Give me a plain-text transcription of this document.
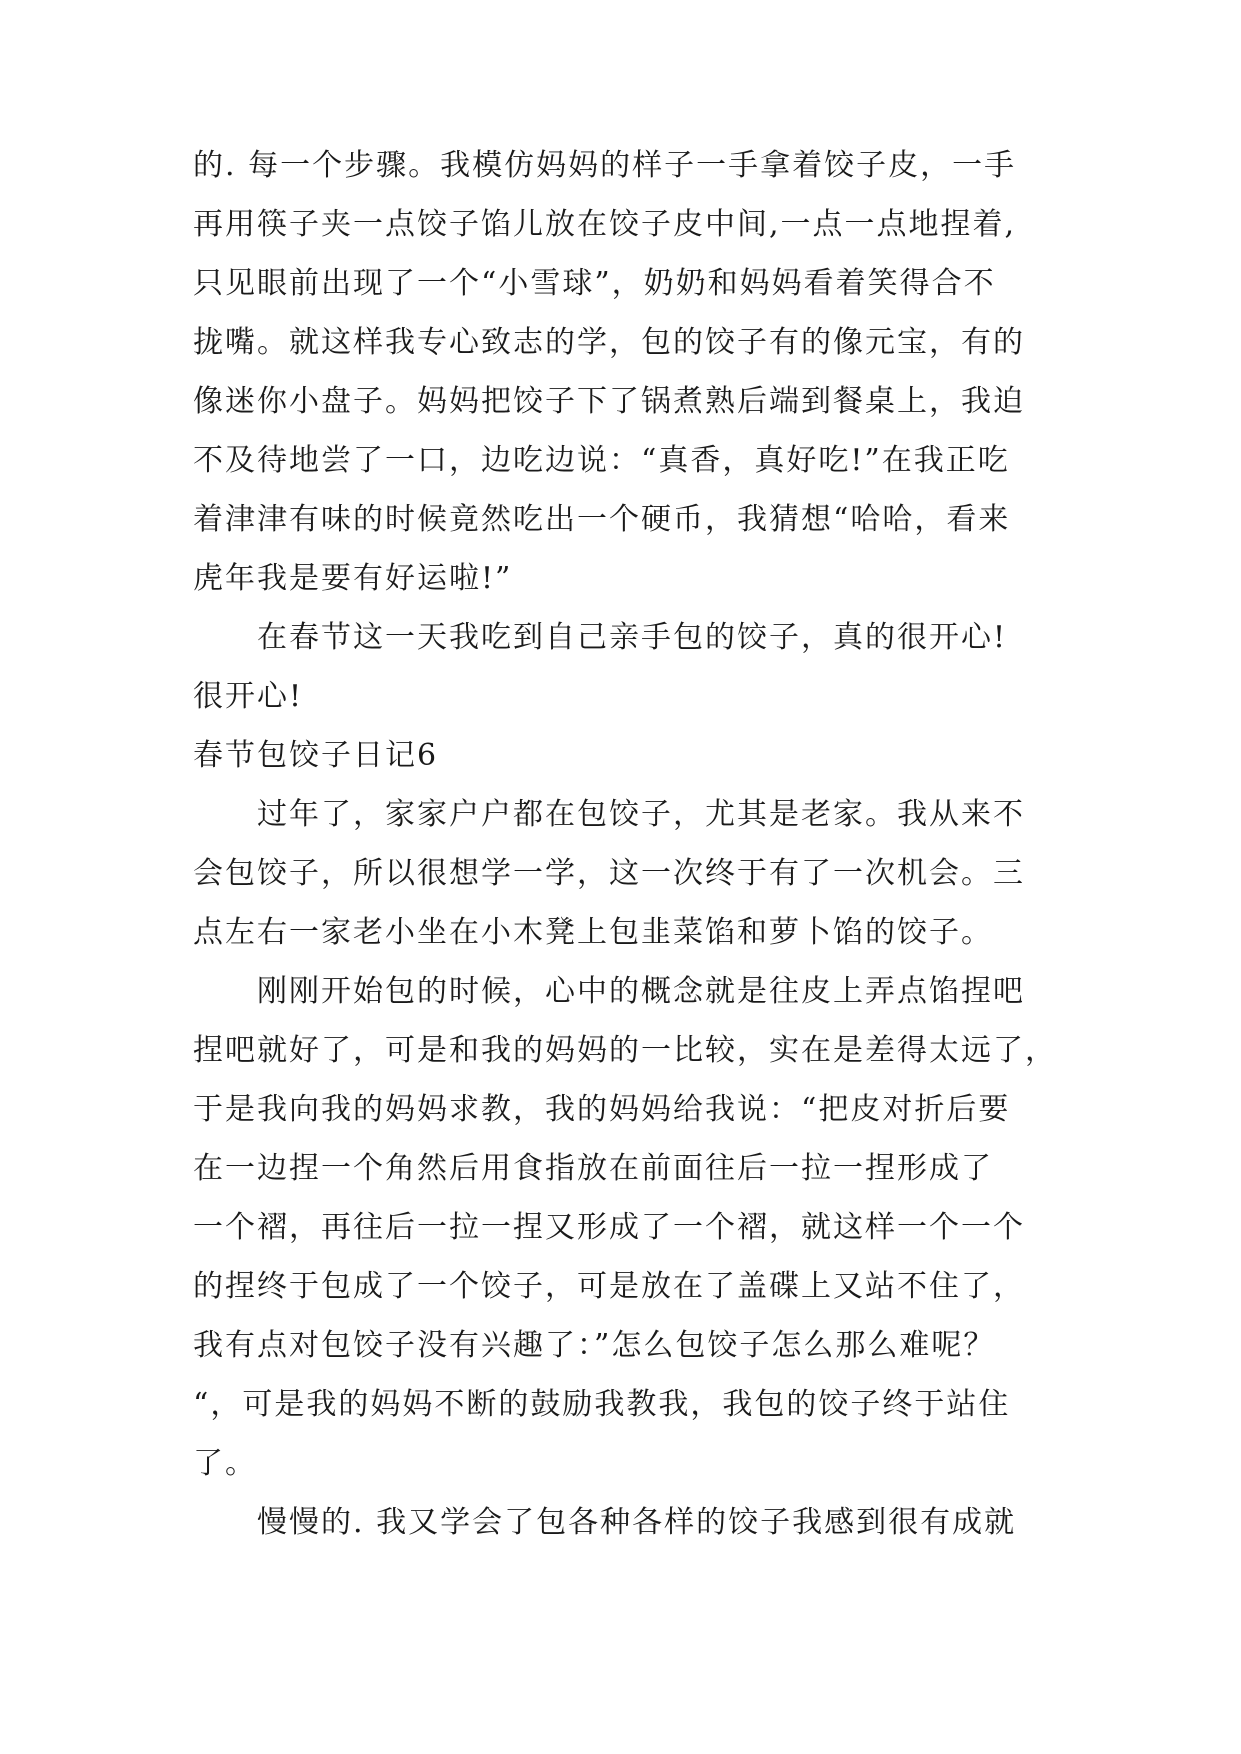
的. 每一个步骤。我模仿妈妈的样子一手拿着饺子皮，一手
再用筷子夹一点饺子馅儿放在饺子皮中间,一点一点地捏着,
只见眼前出现了一个“小雪球”，奶奶和妈妈看着笑得合不
拢嘴。就这样我专心致志的学，包的饺子有的像元宝，有的
像迷你小盘子。妈妈把饺子下了锅煮熟后端到餐桌上，我迫
不及待地尝了一口，边吃边说：“真香，真好吃!”在我正吃
着津津有味的时候竟然吃出一个硬币，我猜想“哈哈，看来
虎年我是要有好运啦!”
在春节这一天我吃到自己亲手包的饺子，真的很开心!
很开心!
春节包饺子日记6
过年了，家家户户都在包饺子，尤其是老家。我从来不
会包饺子，所以很想学一学，这一次终于有了一次机会。三
点左右一家老小坐在小木凳上包韭菜馅和萝卜馅的饺子。
刚刚开始包的时候，心中的概念就是往皮上弄点馅捏吧
捏吧就好了，可是和我的妈妈的一比较，实在是差得太远了，
于是我向我的妈妈求教，我的妈妈给我说：“把皮对折后要
在一边捏一个角然后用食指放在前面往后一拉一捏形成了
一个褶，再往后一拉一捏又形成了一个褶，就这样一个一个
的捏终于包成了一个饺子，可是放在了盖碟上又站不住了，
我有点对包饺子没有兴趣了：”怎么包饺子怎么那么难呢？
“，可是我的妈妈不断的鼓励我教我，我包的饺子终于站住
了。
慢慢的. 我又学会了包各种各样的饺子我感到很有成就
